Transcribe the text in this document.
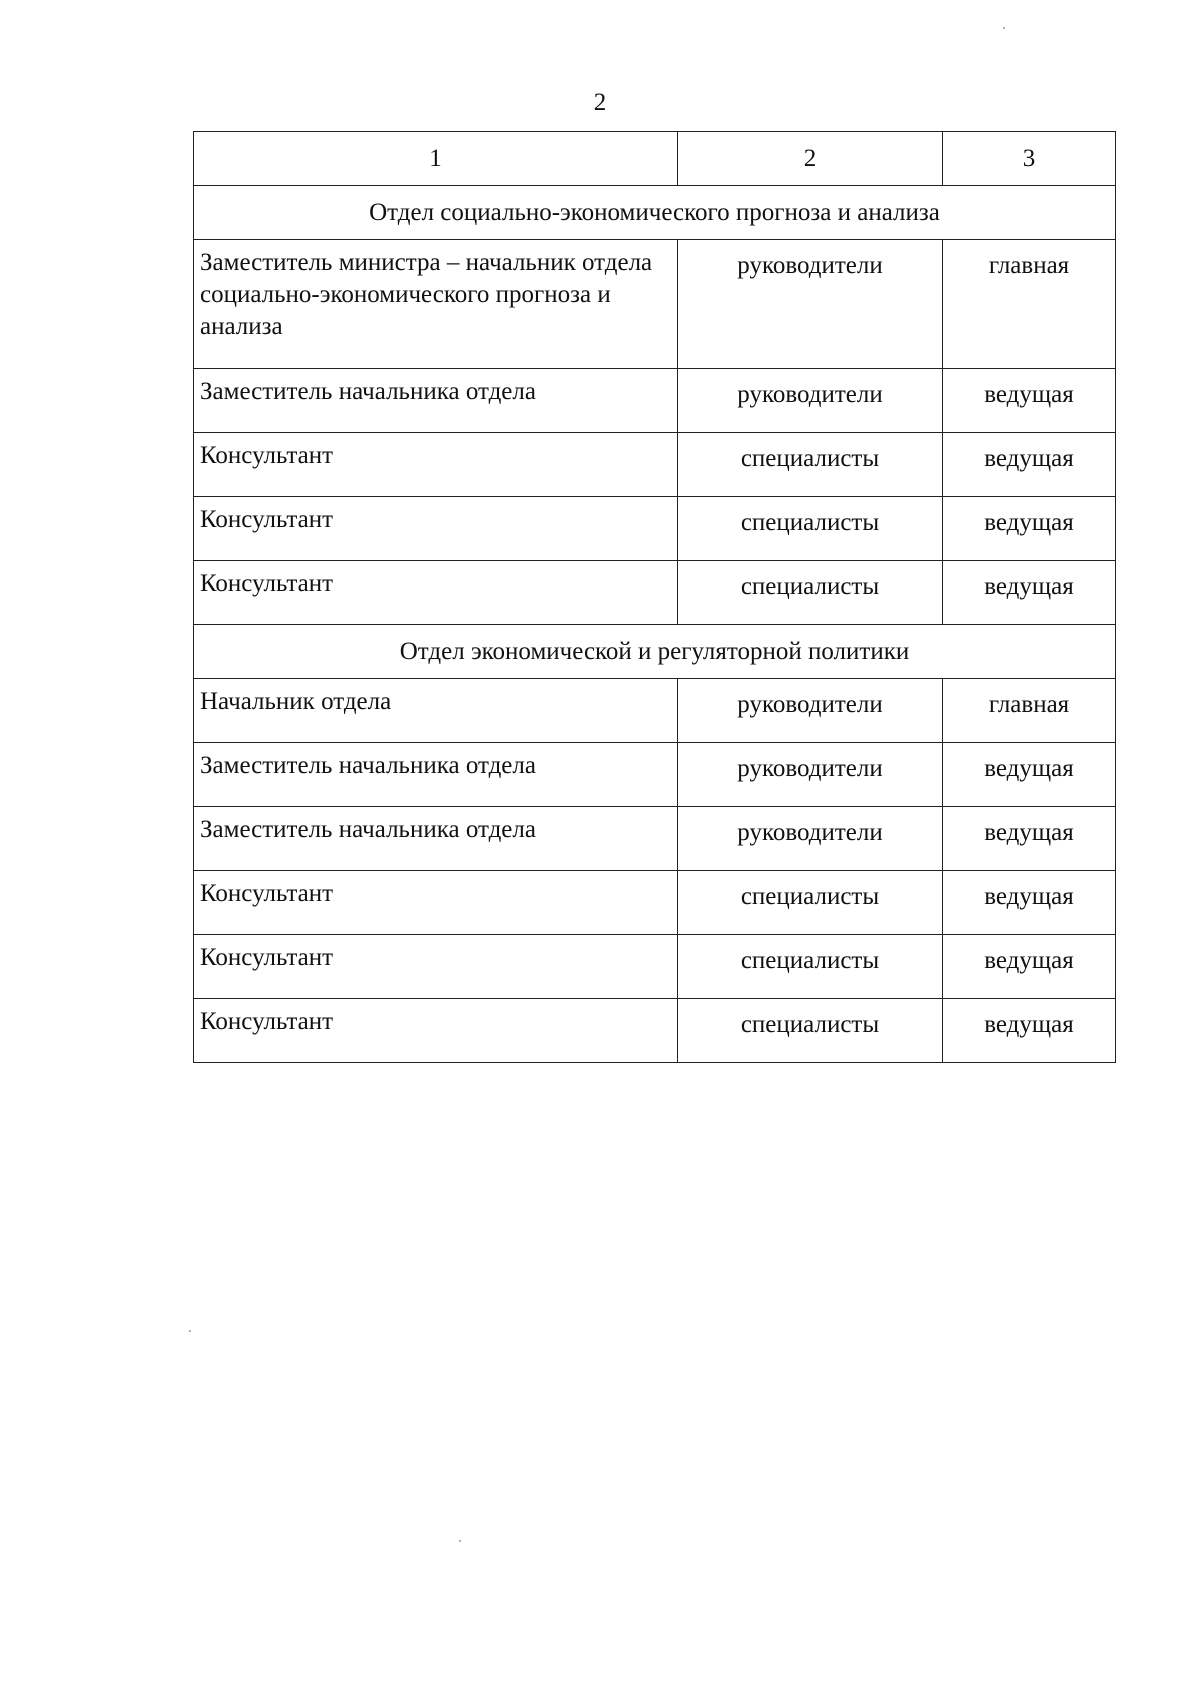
2
1	2	3
Отдел социально-экономического прогноза и анализа		
Заместитель министра – начальник отдела социально-экономического прогноза и анализа	руководители	главная
Заместитель начальника отдела	руководители	ведущая
Консультант	специалисты	ведущая
Консультант	специалисты	ведущая
Консультант	специалисты	ведущая
Отдел экономической и регуляторной политики		
Начальник отдела	руководители	главная
Заместитель начальника отдела	руководители	ведущая
Заместитель начальника отдела	руководители	ведущая
Консультант	специалисты	ведущая
Консультант	специалисты	ведущая
Консультант	специалисты	ведущая
